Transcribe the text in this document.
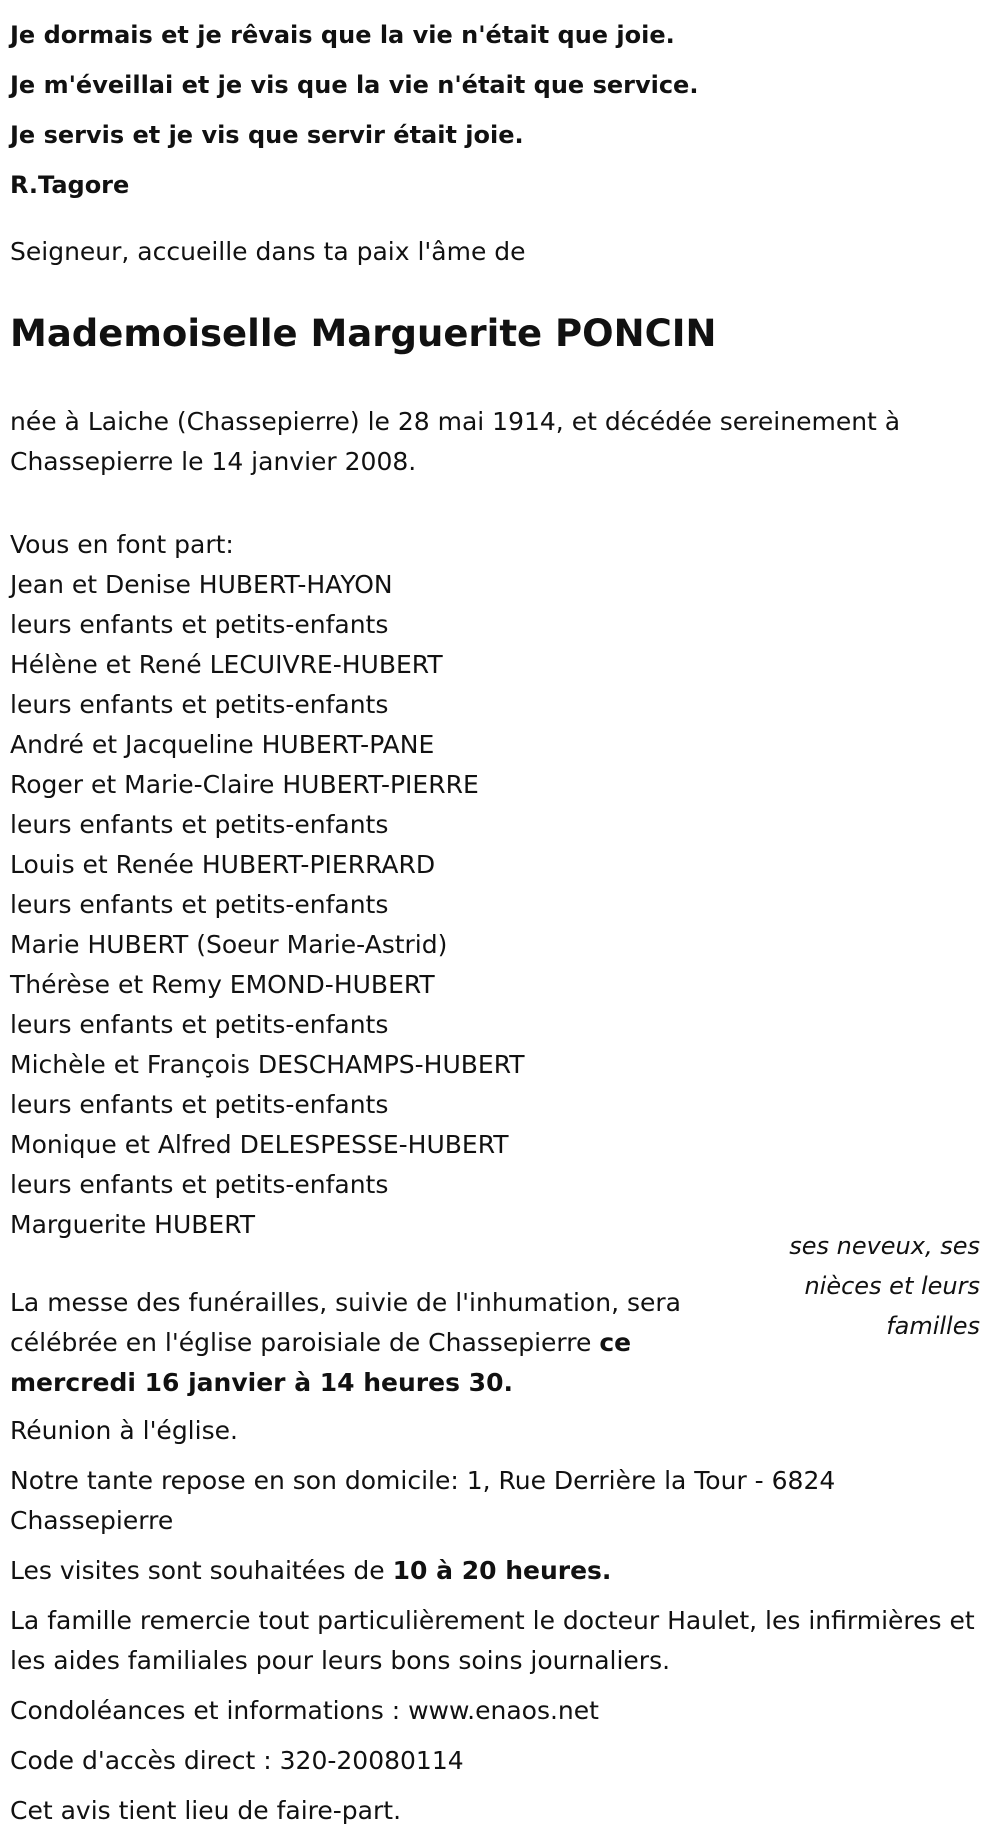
Je dormais et je rêvais que la vie n'était que joie.
Je m'éveillai et je vis que la vie n'était que service.
Je servis et je vis que servir était joie.
R.Tagore
Seigneur, accueille dans ta paix l'âme de
Mademoiselle Marguerite PONCIN
née à Laiche (Chassepierre) le 28 mai 1914, et décédée sereinement à Chassepierre le 14 janvier 2008.
Vous en font part:
Jean et Denise HUBERT-HAYON
leurs enfants et petits-enfants
Hélène et René LECUIVRE-HUBERT
leurs enfants et petits-enfants
André et Jacqueline HUBERT-PANE
Roger et Marie-Claire HUBERT-PIERRE
leurs enfants et petits-enfants
Louis et Renée HUBERT-PIERRARD
leurs enfants et petits-enfants
Marie HUBERT (Soeur Marie-Astrid)
Thérèse et Remy EMOND-HUBERT
leurs enfants et petits-enfants
Michèle et François DESCHAMPS-HUBERT
leurs enfants et petits-enfants
Monique et Alfred DELESPESSE-HUBERT
leurs enfants et petits-enfants
Marguerite HUBERT
ses neveux, ses nièces et leurs familles
La messe des funérailles, suivie de l'inhumation, sera célébrée en l'église paroisiale de Chassepierre ce mercredi 16 janvier à 14 heures 30.
Réunion à l'église.
Notre tante repose en son domicile: 1, Rue Derrière la Tour - 6824 Chassepierre
Les visites sont souhaitées de 10 à 20 heures.
La famille remercie tout particulièrement le docteur Haulet, les infirmières et les aides familiales pour leurs bons soins journaliers.
Condoléances et informations : www.enaos.net
Code d'accès direct : 320-20080114
Cet avis tient lieu de faire-part.
